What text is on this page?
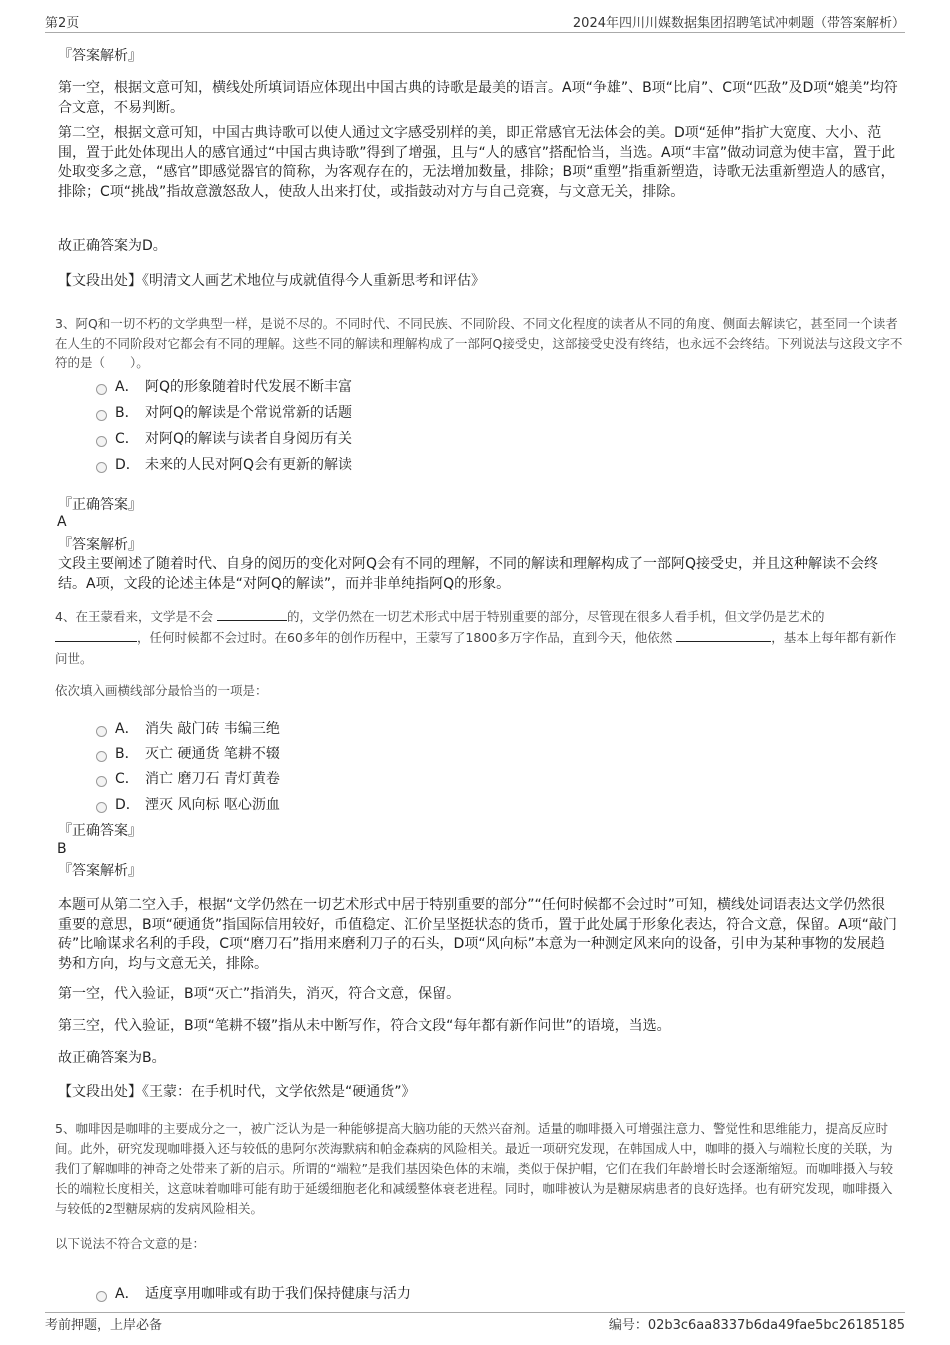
第2页	2024年四川川媒数据集团招聘笔试冲刺题（带答案解析）
『答案解析』
第一空，根据文意可知，横线处所填词语应体现出中国古典的诗歌是最美的语言。A项“争雄”、B项“比肩”、C项“匹敌”及D项“媲美”均符合文意，不易判断。
第二空，根据文意可知，中国古典诗歌可以使人通过文字感受别样的美，即正常感官无法体会的美。D项“延伸”指扩大宽度、大小、范围，置于此处体现出人的感官通过“中国古典诗歌”得到了增强，且与“人的感官”搭配恰当，当选。A项“丰富”做动词意为使丰富，置于此处取变多之意，“感官”即感觉器官的简称，为客观存在的，无法增加数量，排除；B项“重塑”指重新塑造，诗歌无法重新塑造人的感官，排除；C项“挑战”指故意激怒敌人，使敌人出来打仗，或指鼓动对方与自己竞赛，与文意无关，排除。
故正确答案为D。
【文段出处】《明清文人画艺术地位与成就值得今人重新思考和评估》
3、阿Q和一切不朽的文学典型一样，是说不尽的。不同时代、不同民族、不同阶段、不同文化程度的读者从不同的角度、侧面去解读它，甚至同一个读者在人生的不同阶段对它都会有不同的理解。这些不同的解读和理解构成了一部阿Q接受史，这部接受史没有终结，也永远不会终结。下列说法与这段文字不符的是（　　）。
A． 阿Q的形象随着时代发展不断丰富
B． 对阿Q的解读是个常说常新的话题
C． 对阿Q的解读与读者自身阅历有关
D． 未来的人民对阿Q会有更新的解读
『正确答案』
A
『答案解析』
文段主要阐述了随着时代、自身的阅历的变化对阿Q会有不同的理解，不同的解读和理解构成了一部阿Q接受史，并且这种解读不会终结。A项，文段的论述主体是“对阿Q的解读”，而并非单纯指阿Q的形象。
4、在王蒙看来，文学是不会	的，文学仍然在一切艺术形式中居于特别重要的部分，尽管现在很多人看手机，但文学仍是艺术的
，任何时候都不会过时。在60多年的创作历程中，王蒙写了1800多万字作品，直到今天，他依然	，基本上每年都有新作问世。
依次填入画横线部分最恰当的一项是：
A． 消失 敲门砖 韦编三绝
B． 灭亡 硬通货 笔耕不辍
C． 消亡 磨刀石 青灯黄卷
D． 湮灭 风向标 呕心沥血
『正确答案』
B
『答案解析』
本题可从第二空入手，根据“文学仍然在一切艺术形式中居于特别重要的部分”“任何时候都不会过时”可知，横线处词语表达文学仍然很重要的意思，B项“硬通货”指国际信用较好，币值稳定、汇价呈坚挺状态的货币，置于此处属于形象化表达，符合文意，保留。A项“敲门砖”比喻谋求名利的手段，C项“磨刀石”指用来磨利刀子的石头，D项“风向标”本意为一种测定风来向的设备，引申为某种事物的发展趋势和方向，均与文意无关，排除。
第一空，代入验证，B项“灭亡”指消失，消灭，符合文意，保留。
第三空，代入验证，B项“笔耕不辍”指从未中断写作，符合文段“每年都有新作问世”的语境，当选。
故正确答案为B。
【文段出处】《王蒙：在手机时代，文学依然是“硬通货”》
5、咖啡因是咖啡的主要成分之一，被广泛认为是一种能够提高大脑功能的天然兴奋剂。适量的咖啡摄入可增强注意力、警觉性和思维能力，提高反应时间。此外，研究发现咖啡摄入还与较低的患阿尔茨海默病和帕金森病的风险相关。最近一项研究发现，在韩国成人中，咖啡的摄入与端粒长度的关联，为我们了解咖啡的神奇之处带来了新的启示。所谓的“端粒”是我们基因染色体的末端，类似于保护帽，它们在我们年龄增长时会逐渐缩短。而咖啡摄入与较长的端粒长度相关，这意味着咖啡可能有助于延缓细胞老化和减缓整体衰老进程。同时，咖啡被认为是糖尿病患者的良好选择。也有研究发现，咖啡摄入与较低的2型糖尿病的发病风险相关。
以下说法不符合文意的是：
A． 适度享用咖啡或有助于我们保持健康与活力
考前押题，上岸必备	编号：02b3c6aa8337b6da49fae5bc26185185
